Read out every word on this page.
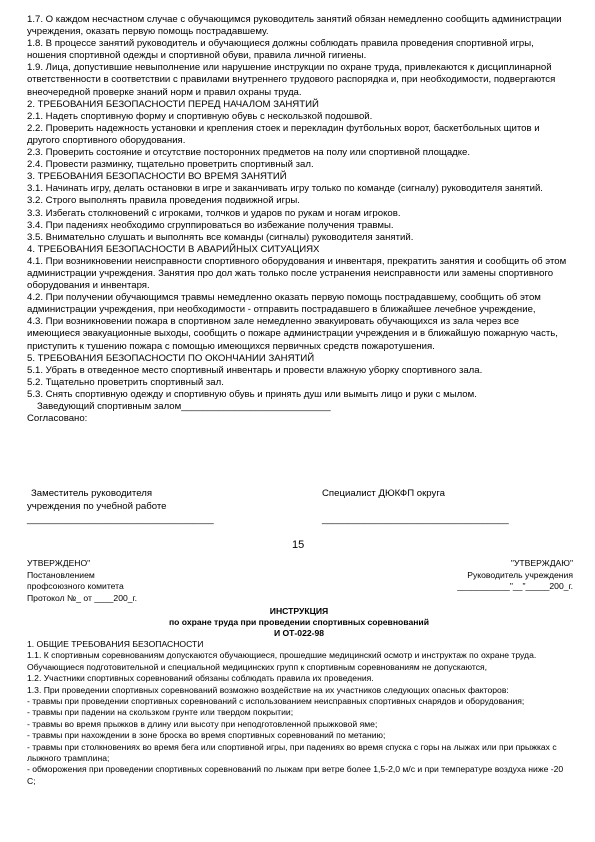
1.7. О каждом несчастном случае с обучающимся руководитель занятий обязан немедленно сообщить администрации учреждения, оказать первую помощь пострадавшему.

1.8. В процессе занятий руководитель и обучающиеся должны соблюдать правила проведения спортивной игры, ношения спортивной одежды и спортивной обуви, правила личной гигиены.

1.9. Лица, допустившие невыполнение или нарушение инструкции по охране труда, привлекаются к дисциплинарной ответственности в соответствии с правилами внутреннего трудового распорядка и, при необходимости, подвергаются внеочередной проверке знаний норм и правил охраны труда.

2. ТРЕБОВАНИЯ БЕЗОПАСНОСТИ ПЕРЕД НАЧАЛОМ ЗАНЯТИЙ

2.1. Надеть спортивную форму и спортивную обувь с нескользкой подошвой.

2.2. Проверить надежность установки и крепления стоек и перекладин футбольных ворот, баскетбольных щитов и другого спортивного оборудования.

2.3. Проверить состояние и отсутствие посторонних предметов на полу или спортивной площадке.

2.4. Провести разминку, тщательно проветрить спортивный зал.

3. ТРЕБОВАНИЯ БЕЗОПАСНОСТИ ВО ВРЕМЯ ЗАНЯТИЙ

3.1. Начинать игру, делать остановки в игре и заканчивать игру только по команде (сигналу) руководителя занятий.

3.2. Строго выполнять правила проведения подвижной игры.

3.3. Избегать столкновений с игроками, толчков и ударов по рукам и ногам игроков.

3.4. При падениях необходимо сгруппироваться во избежание получения травмы.

3.5. Внимательно слушать и выполнять все команды (сигналы) руководителя занятий.

4. ТРЕБОВАНИЯ БЕЗОПАСНОСТИ В АВАРИЙНЫХ СИТУАЦИЯХ

4.1. При возникновении неисправности спортивного оборудования и инвентаря, прекратить занятия и сообщить об этом администрации учреждения. Занятия про дол жать только после устранения неисправности или замены спортивного оборудования и инвентаря.

4.2. При получении обучающимся травмы немедленно оказать первую помощь пострадавшему, сообщить об этом администрации учреждения, при необходимости - отправить пострадавшего в ближайшее лечебное учреждение,

4.3. При возникновении пожара в спортивном зале немедленно эвакуировать обучающихся из зала через все имеющиеся эвакуационные выходы, сообщить о пожаре администрации учреждения и в ближайшую пожарную часть, приступить к тушению пожара с помощью имеющихся первичных средств пожаротушения.

5. ТРЕБОВАНИЯ БЕЗОПАСНОСТИ ПО ОКОНЧАНИИ ЗАНЯТИЙ

5.1. Убрать в отведенное место спортивный инвентарь и провести влажную уборку спортивного зала.

5.2. Тщательно проветрить спортивный зал.

5.3. Снять спортивную одежду и спортивную обувь и принять душ или вымыть лицо и руки с мылом.

Заведующий спортивным залом____________________________

Согласовано:

Заместитель руководителя
учреждения по учебной работе
___________________________________
Специалист ДЮКФП округа
___________________________________
15

УТВЕРЖДЕНО"

Постановлением

профсоюзного комитета

Протокол №_ от ____200_г.

"УТВЕРЖДАЮ"

Руководитель учреждения

___________"__"_____200_г.

ИНСТРУКЦИЯ

по охране труда при проведении спортивных соревнований

И ОТ-022-98

1. ОБЩИЕ ТРЕБОВАНИЯ БЕЗОПАСНОСТИ

1.1. К спортивным соревнованиям допускаются обучающиеся, прошедшие медицинский осмотр и инструктаж по охране труда. Обучающиеся подготовительной и специальной медицинских групп к спортивным соревнованиям не допускаются,

1.2. Участники спортивных соревнований обязаны соблюдать правила их проведения.

1.3. При проведении спортивных соревнований возможно воздействие на их участников следующих опасных факторов:

- травмы при проведении спортивных соревнований с использованием неисправных спортивных снарядов и оборудования;

- травмы при падении на скользком грунте или твердом покрытии;

- травмы во время прыжков в длину или высоту при неподготовленной прыжковой яме;

- травмы при нахождении в зоне броска во время спортивных соревнований по метанию;

- травмы при столкновениях во время бега или спортивной игры, при падениях во время спуска с горы на лыжах или при прыжках с лыжного трамплина;

- обморожения при проведении спортивных соревнований по лыжам при ветре более 1,5-2,0 м/с и при температуре воздуха ниже -20 С;
